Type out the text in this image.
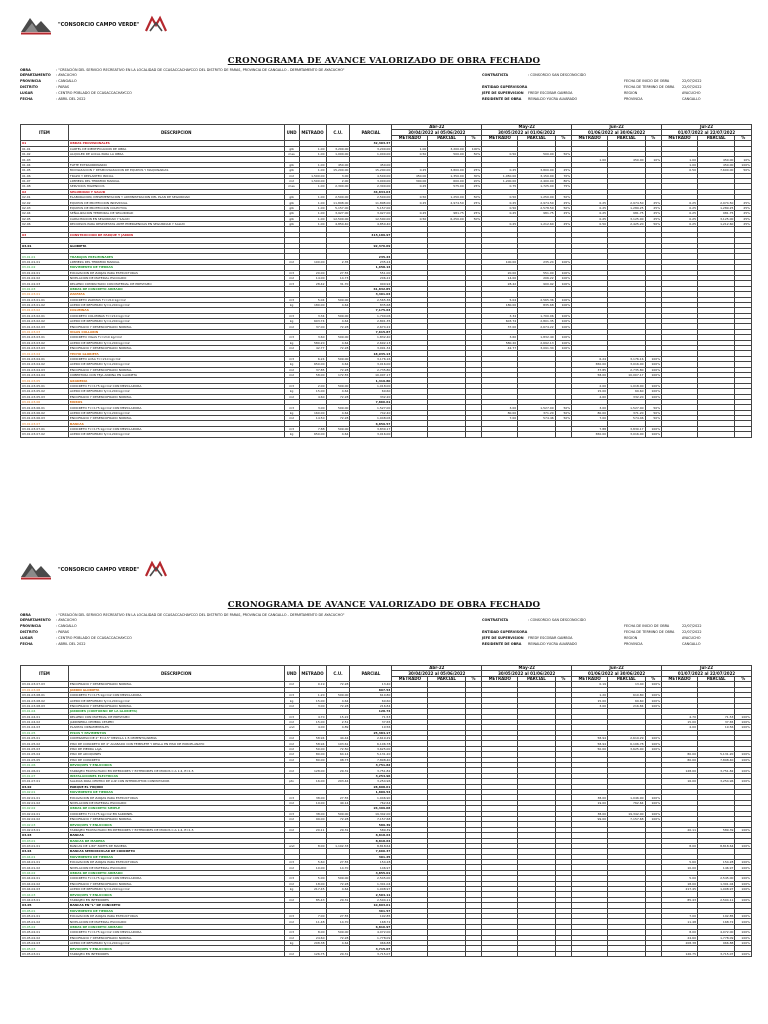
"CONSORCIO CAMPO VERDE"
CRONOGRAMA DE AVANCE VALORIZADO DE OBRA FECHADO
OBRA	: "CREACIÓN DEL SERVICIO RECREATIVO EN LA LOCALIDAD DE CCASACCACHAYCCO DEL DISTRITO DE PARAS, PROVINCIA DE CANGALLO - DEPARTAMENTO DE AYACUCHO"
DEPARTAMENTO : AYACUCHO
PROVINCIA	: CANGALLO
DISTRITO	: PARAS
LUGAR	: CENTRO POBLADO DE CCASACCACHAYCCO
FECHA	: ABRIL DEL 2022
CONTRATISTA	: CONSORCIO SAN DESCONOCIDO
ENTIDAD SUPERVISORA
JEFE DE SUPERVISION FREDY ESCOBAR GAMBOA
RESIDENTE DE OBRA REINALDO YUCRA ALVARADO
FECHA DE INICIO DE OBRA	22/07/2022
FECHA DE TERMINO DE OBRA 22/07/2022
REGION	AYACUCHO
PROVINCIA	CANGALLO
ITEM	DESCRIPCION	UND	METRADO	C.U.	PARCIAL	Abr-22			May-22			Jun-22			Jul-22		
						30/04/2022 al 05/06/2022			30/05/2022 al 01/06/2022			01/06/2022 al 30/06/2022			01/07/2022 al 22/07/2022		
						METRADO	PARCIAL	%	METRADO	PARCIAL	%	METRADO	PARCIAL	%	METRADO	PARCIAL	%
01	OBRAS PROVISIONALES				32,303.37												
01.01	CARTEL DE IDENTIFICACION DE OBRA	glb	1.00	3,200.00	3,200.00	1.00	3,200.00	100%									
01.02	ALQUILER DE LOCAL PARA LA OBRA	mes	1.00	1,000.00	1,000.00	0.50	500.00	50%	0.50	500.00	50%						
01.03												1.00	450.00	10%	1.00	450.00	10%
01.04	FLETE EXTRAORDINARIO	glb	1.00	450.00	450.00										1.00	450.00	100%
01.05	MOVILIZACION Y DESMOVILIZACION DE EQUIPOS Y MAQUINARIAS	glb	1.00	15,200.00	15,200.00	0.25	3,800.00	25%	0.25	3,800.00	25%				0.50	7,600.00	50%
01.06	TRAZO Y REPLANTEO INICIAL	m2	1,500.00	3.00	4,500.00	450.00	1,350.00	30%	1,050.00	3,150.00	70%						
01.07	LIMPIEZA DEL TERRENO MANUAL	m2	1,500.00	2.00	3,000.00	300.00	600.00	20%	1,200.00	2,400.00	80%						
01.08	SERVICIOS HIGIENICOS	mes	1.00	2,300.00	2,300.00	0.25	575.00	25%	0.75	1,725.00	75%						
02	SEGURIDAD Y SALUD				46,834.63												
02.01	ELABORACION, IMPLEMENTACION Y ADMINISTRACION DEL PLAN DE SEGURIDAD	glb	1.00	2,500.00	2,500.00	0.50	1,250.00	50%	0.50	1,250.00	50%						
02.02	EQUIPOS DE PROTECCION INDIVIDUAL	glb	1.00	11,898.00	11,898.00	0.25	2,974.50	25%	0.25	2,974.50	25%	0.25	2,974.50	25%	0.25	2,974.50	25%
02.03	EQUIPOS DE PROTECCION COLECTIVA	glb	1.00	5,157.00	5,157.00				0.50	2,578.50	50%	0.25	1,289.25	25%	0.25	1,289.25	25%
02.04	SEÑALIZACION TEMPORAL DE SEGURIDAD	glb	1.00	3,927.00	3,927.00	0.25	981.75	25%	0.25	981.75	25%	0.25	981.75	25%	0.25	981.75	25%
02.05	CAPACITACION EN SEGURIDAD Y SALUD	glb	1.00	12,500.00	12,500.00	0.50	6,250.00	50%				0.25	3,125.00	25%	0.25	3,125.00	25%
02.06	RECURSOS PARA RESPUESTAS ANTE EMERGENCIAS EN SEGURIDAD Y SALUD	glb	1.00	4,850.40	4,850.40				0.25	1,212.60	25%	0.50	2,425.20	50%	0.25	1,212.60	25%

03	CONSTRUCCION DE PARQUE Y JARDIN				415,189.97												

03.01	GLORIETA				92,376.69												

03.01.01	TRABAJOS PRELIMINARES				235.24												
03.01.01.01	LIMPIEZA DEL TERRENO MANUAL	m2	100.00	2.35	235.24				100.00	235.24	100%						
03.01.02	MOVIMIENTO DE TIERRAS				1,658.14												
03.01.02.01	EXCAVACION DE ZANJAS PARA ESTRUCTURAS	m3	20.00	27.55	551.00				20.00	551.00	100%						
03.01.02.02	NIVELACION DE MATERIAL ESCOGIDO	m2	14.00	14.73	206.22				14.00	206.22	100%						
03.01.02.03	RELLENO COMPACTADO CON MATERIAL DE PRESTAMO	m3	28.42	31.70	900.92				28.42	900.92	100%						
03.01.03	OBRAS DE CONCRETO ARMADO				61,832.85												
03.01.03.01	ZAPATAS				3,401.04												
03.01.03.01.01	CONCRETO ZAPATAS f'c=210 kg/cm2	m3	5.04	509.00	2,565.36				5.04	2,565.36	100%						
03.01.03.01.02	ACERO DE REFUERZO fy=4,200 kg/cm2	kg	180.00	4.64	835.68				180.00	835.68	100%						
03.01.03.02	COLUMNAS				7,175.63												
03.01.03.02.01	CONCRETO COLUMNAS f'c=210 kg/cm2	m3	3.34	509.00	1,700.06				3.34	1,700.06	100%						
03.01.03.02.02	ACERO DE REFUERZO fy=4,200 kg/cm2	kg	603.74	4.64	2,801.35				603.74	2,801.35	100%						
03.01.03.02.03	ENCOFRADO Y DESENCOFRADO NORMAL	m2	37.00	72.28	2,674.22				37.00	2,674.22	100%						
03.01.03.03	VIGAS COLLARIN				7,615.87												
03.01.03.03.01	CONCRETO VIGAS f'c=210 kg/cm2	m3	3.60	509.00	1,832.40				3.60	1,832.40	100%						
03.01.03.03.02	ACERO DE REFUERZO fy=4,200 kg/cm2	kg	580.20	4.64	2,692.13				580.20	2,692.13	100%						
03.01.03.03.03	ENCOFRADO Y DESENCOFRADO NORMAL	m2	42.77	72.28	3,091.34				42.77	3,091.34	100%						
03.01.03.04	TECHO GLORIETA				18,935.13												
03.01.03.04.01	CONCRETO LOSA f'c=210 kg/cm2	m3	6.24	509.00	3,176.16							6.24	3,176.16	100%			
03.01.03.04.02	ACERO DE REFUERZO fy=4,200 kg/cm2	kg	650.00	4.64	3,016.00							650.00	3,016.00	100%			
03.01.03.04.03	ENCOFRADO Y DESENCOFRADO NORMAL	m2	37.85	72.28	2,735.80							37.85	2,735.80	100%			
03.01.03.04.04	COBERTURA CON TEJA ANDINA EN GLORIETA	m2	58.00	172.55	10,007.17							58.00	10,007.17	100%			
03.01.03.05	GRADERIA				1,419.80												
03.01.03.05.01	CONCRETO f'c=175 kg/cm2 CON MEZCLADORA	m3	2.00	509.00	1,018.00							2.00	1,018.00	100%			
03.01.03.05.02	ACERO DE REFUERZO fy=4,200 kg/cm2	kg	15.00	4.64	69.60							15.00	69.60	100%			
03.01.03.05.03	ENCOFRADO Y DESENCOFRADO NORMAL	m2	4.60	72.28	332.20							4.60	332.20	100%			
03.01.03.06	MUROS				7,866.61												
03.01.03.06.01	CONCRETO f'c=175 kg/cm2 CON MEZCLADORA	m3	3.00	509.00	1,527.00				3.00	1,527.00	50%	3.00	1,527.00	50%			
03.01.03.06.02	ACERO DE REFUERZO fy=4,200 kg/cm2	kg	160.00	4.64	742.40				80.00	371.20	50%	80.00	371.20	50%			
03.01.03.06.03	ENCOFRADO Y DESENCOFRADO NORMAL	m2	14.50	72.28	1,048.06				7.00	574.46	50%	7.00	574.46	50%			
03.01.03.07	BANCAS				6,859.57												
03.01.03.07.01	CONCRETO f'c=175 kg/cm2 CON MEZCLADORA	m3	7.88	509.00	3,830.17							7.88	3,830.17	100%			
03.01.03.07.02	ACERO DE REFUERZO fy=4,200 kg/cm2	kg	650.00	4.64	3,016.00							650.00	3,016.00	100%			
"CONSORCIO CAMPO VERDE"
CRONOGRAMA DE AVANCE VALORIZADO DE OBRA FECHADO
OBRA	: "CREACIÓN DEL SERVICIO RECREATIVO EN LA LOCALIDAD DE CCASACCACHAYCCO DEL DISTRITO DE PARAS, PROVINCIA DE CANGALLO - DEPARTAMENTO DE AYACUCHO"
DEPARTAMENTO : AYACUCHO
PROVINCIA	: CANGALLO
DISTRITO	: PARAS
LUGAR	: CENTRO POBLADO DE CCASACCACHAYCCO
FECHA	: ABRIL DEL 2022
CONTRATISTA	: CONSORCIO SAN DESCONOCIDO
ENTIDAD SUPERVISORA
JEFE DE SUPERVISION FREDY ESCOBAR GAMBOA
RESIDENTE DE OBRA REINALDO YUCRA ALVARADO
FECHA DE INICIO DE OBRA	22/07/2022
FECHA DE TERMINO DE OBRA 22/07/2022
REGION	AYACUCHO
PROVINCIA	CANGALLO
ITEM	DESCRIPCION	UND	METRADO	C.U.	PARCIAL	Abr-22			May-22			Jun-22			Jul-22		
						30/04/2022 al 05/06/2022			30/05/2022 al 01/06/2022			01/06/2022 al 30/06/2022			01/07/2022 al 22/07/2022		
						METRADO	PARCIAL	%	METRADO	PARCIAL	%	METRADO	PARCIAL	%	METRADO	PARCIAL	%
03.01.03.07.03	ENCOFRADO Y DESENCOFRADO NORMAL	m2	0.19	72.28	13.40							0.19	13.40	100%			
03.01.03.08	JARDIN GLORIETA				897.53												
03.01.03.08.01	CONCRETO f'c=175 kg/cm2 CON MEZCLADORA	m3	1.20	509.00	610.80							1.20	610.80	100%			
03.01.03.08.02	ACERO DE REFUERZO fy=4,200 kg/cm2	kg	15.00	4.64	69.60							15.00	69.60	100%			
03.01.03.08.03	ENCOFRADO Y DESENCOFRADO NORMAL	m2	3.00	72.28	216.84							3.00	216.84	100%			
03.01.04	JARDINES (CONTORNO DE LA GLORIETA)				128.74												
03.01.04.01	RELLENO CON MATERIAL DE PRESTAMO	m3	4.70	15.22	71.53										4.70	71.53	100%
03.01.04.02	JARDINERIA CEMBRA CESPED	m2	15.00	2.51	37.65										15.00	37.65	100%
03.01.04.03	PLANTAS ORNAMENTALES	und	4.00	4.89	19.56										4.00	19.56	100%
03.01.05	PISOS Y PAVIMENTOS				25,384.17												
03.01.05.01	CONTRAPISO DE 2" E=2.5" MEZCLA 1:5 CEMENTO/ARENA	m2	58.94	44.44	2,619.29							58.94	2,619.29	100%			
03.01.05.02	PISO DE CONCRETO DE 4" ACABADO CON TEMPLETE Y REGLA EN PISO DE PORCELANATO	m2	58.94	103.61	6,106.78							58.94	6,106.78	100%			
03.01.05.03	PISO DE PIEDRA LAJA	m2	50.00	72.50	3,625.00							50.00	3,625.00	100%			
03.01.05.04	PISO DE ADOQUINES	m2	80.00	64.14	5,131.20										80.00	5,131.20	100%
03.01.05.05	PISO DE CONCRETO	m2	80.00	98.73	7,898.40										80.00	7,898.40	100%
03.01.06	REVOQUES Y ENLUCIDOS				3,751.82												
03.01.06.01	TARRAJEO FROTACHADO EN INTERIORES Y EXTERIORES DE MUROS C:A 1:4, E=1.5	m2	128.00	29.31	3,751.82										128.00	3,751.82	100%
03.01.07	INSTALACIONES ELECTRICAS				3,254.96												
03.01.07.01	SALIDAS PARA CENTRO DE LUZ CON INTERRUPTOR CONMUTADOR	pto	16.00	203.44	3,254.96										16.00	3,254.96	100%
03.02	PARQUE EL YUQUIN				28,898.61												
03.02.01	MOVIMIENTO DE TIERRAS				1,809.54												
03.02.01.01	EXCAVACION DE ZANJAS PARA ESTRUCTURAS	m3	38.00	27.55	1,046.90							38.00	1,046.90	100%			
03.02.01.02	NIVELACION DE MATERIAL ESCOGIDO	m2	19.00	40.14	762.64							19.00	762.64	100%			
03.02.02	OBRAS DE CONCRETO SIMPLE				26,499.68												
03.02.02.01	CONCRETO f'c=175 kg/cm2 EN SARDINEL	m3	38.00	509.00	19,342.00							38.00	19,342.00	100%			
03.02.02.02	ENCOFRADO Y DESENCOFRADO NORMAL	m2	99.00	72.28	7,157.68							99.00	7,157.68	100%			
03.02.03	REVOQUES Y ENLUCIDOS				589.39												
03.02.03.01	TARRAJEO FROTACHADO EN INTERIORES Y EXTERIORES DE MUROS C:A 1:4, E=1.5	m2	20.11	29.31	589.39										20.11	589.39	100%
03.03	BANCAS				8,818.64												
03.03.01	BANCAS DE MADERA				8,818.64												
03.03.01.01	BANCAS DE 1.80*.50MTS DE MADERA	und	8.00	1,102.33	8,818.64										8.00	8,818.64	100%
03.04	BANCAS SEMICIRCULAR DE CONCRETO				7,660.37												
03.04.01	MOVIMIENTO DE TIERRAS				301.25												
03.04.01.01	EXCAVACION DE ZANJAS PARA ESTRUCTURAS	m3	5.60	27.55	154.28										5.60	154.28	100%
03.04.01.02	NIVELACION DE MATERIAL ESCOGIDO	m2	10.00	14.70	146.97										10.00	146.97	100%
03.04.02	OBRAS DE CONCRETO ARMADO				4,855.01												
03.04.02.01	CONCRETO f'c=175 kg/cm2 CON MEZCLADORA	m3	5.00	509.00	2,545.00										5.00	2,545.00	100%
03.04.02.02	ENCOFRADO Y DESENCOFRADO NORMAL	m2	18.00	72.28	1,301.04										18.00	1,301.04	100%
03.04.02.03	ACERO DE REFUERZO fy=4,200 kg/cm2	kg	217.45	4.64	1,008.97										217.45	1,008.97	100%
03.04.03	REVOQUES Y ENLUCIDOS				2,504.11												
03.04.03.01	TARRAJEO EN INTERIORES	m2	85.43	29.31	2,504.11										85.43	2,504.11	100%
03.05	BANCAS EN "L" DE CONCRETO				10,893.61												
03.05.01	MOVIMIENTO DE TIERRAS				361.57												
03.05.01.01	EXCAVACION DE ZANJAS PARA ESTRUCTURAS	m3	7.00	27.55	192.85										7.00	192.85	100%
03.05.01.02	NIVELACION DE MATERIAL ESCOGIDO	m2	11.48	14.70	168.72										11.48	168.72	100%
03.05.02	OBRAS DE CONCRETO ARMADO				6,816.97												
03.05.02.01	CONCRETO f'c=175 kg/cm2 CON MEZCLADORA	m3	8.00	509.00	4,072.00										8.00	4,072.00	100%
03.05.02.02	ENCOFRADO Y DESENCOFRADO NORMAL	m2	24.60	72.28	1,778.09										24.60	1,778.09	100%
03.05.02.03	ACERO DE REFUERZO fy=4,200 kg/cm2	kg	208.38	4.64	966.88										208.38	966.88	100%
03.05.03	REVOQUES Y ENLUCIDOS				3,715.07												
03.05.03.01	TARRAJEO EN INTERIORES	m2	126.75	29.31	3,715.07										126.75	3,715.07	100%
